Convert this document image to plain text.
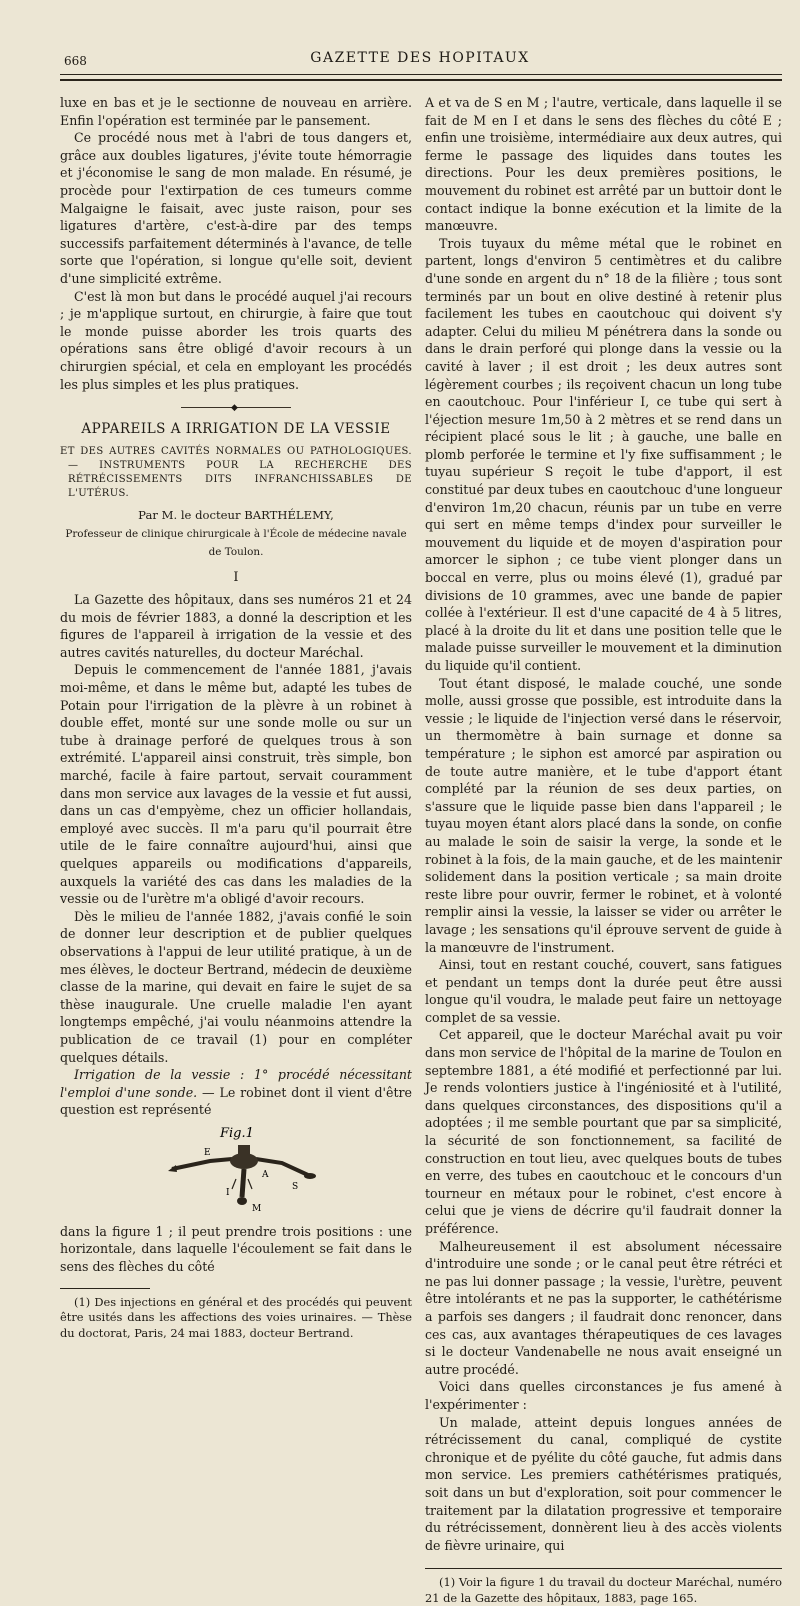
668	GAZETTE DES HOPITAUX

luxe en bas et je le sectionne de nouveau en arrière. Enfin l'opération est terminée par le pansement.

Ce procédé nous met à l'abri de tous dangers et, grâce aux doubles ligatures, j'évite toute hémorragie et j'économise le sang de mon malade. En résumé, je procède pour l'extirpation de ces tumeurs comme Malgaigne le faisait, avec juste raison, pour ses ligatures d'artère, c'est-à-dire par des temps successifs parfaitement déterminés à l'avance, de telle sorte que l'opération, si longue qu'elle soit, devient d'une simplicité extrême.

C'est là mon but dans le procédé auquel j'ai recours ; je m'applique surtout, en chirurgie, à faire que tout le monde puisse aborder les trois quarts des opérations sans être obligé d'avoir recours à un chirurgien spécial, et cela en employant les procédés les plus simples et les plus pratiques.

◆
APPAREILS A IRRIGATION DE LA VESSIE
ET DES AUTRES CAVITÉS NORMALES OU PATHOLOGIQUES. — INSTRUMENTS POUR LA RECHERCHE DES RÉTRÉCISSEMENTS DITS INFRANCHISSABLES DE L'UTÉRUS.
Par M. le docteur BARTHÉLEMY,
Professeur de clinique chirurgicale à l'École de médecine navale de Toulon.
I

La Gazette des hôpitaux, dans ses numéros 21 et 24 du mois de février 1883, a donné la description et les figures de l'appareil à irrigation de la vessie et des autres cavités naturelles, du docteur Maréchal.

Depuis le commencement de l'année 1881, j'avais moi-même, et dans le même but, adapté les tubes de Potain pour l'irrigation de la plèvre à un robinet à double effet, monté sur une sonde molle ou sur un tube à drainage perforé de quelques trous à son extrémité. L'appareil ainsi construit, très simple, bon marché, facile à faire partout, servait couramment dans mon service aux lavages de la vessie et fut aussi, dans un cas d'empyème, chez un officier hollandais, employé avec succès. Il m'a paru qu'il pourrait être utile de le faire connaître aujourd'hui, ainsi que quelques appareils ou modifications d'appareils, auxquels la variété des cas dans les maladies de la vessie ou de l'urètre m'a obligé d'avoir recours.

Dès le milieu de l'année 1882, j'avais confié le soin de donner leur description et de publier quelques observations à l'appui de leur utilité pratique, à un de mes élèves, le docteur Bertrand, médecin de deuxième classe de la marine, qui devait en faire le sujet de sa thèse inaugurale. Une cruelle maladie l'en ayant longtemps empêché, j'ai voulu néanmoins attendre la publication de ce travail (1) pour en compléter quelques détails.

Irrigation de la vessie : 1° procédé nécessitant l'emploi d'une sonde. — Le robinet dont il vient d'être question est représenté

Fig.1
E
A
I
S
M

dans la figure 1 ; il peut prendre trois positions : une horizontale, dans laquelle l'écoulement se fait dans le sens des flèches du côté

(1) Des injections en général et des procédés qui peuvent être usités dans les affections des voies urinaires. — Thèse du doctorat, Paris, 24 mai 1883, docteur Bertrand.

A et va de S en M ; l'autre, verticale, dans laquelle il se fait de M en I et dans le sens des flèches du côté E ; enfin une troisième, intermédiaire aux deux autres, qui ferme le passage des liquides dans toutes les directions. Pour les deux premières positions, le mouvement du robinet est arrêté par un buttoir dont le contact indique la bonne exécution et la limite de la manœuvre.

Trois tuyaux du même métal que le robinet en partent, longs d'environ 5 centimètres et du calibre d'une sonde en argent du n° 18 de la filière ; tous sont terminés par un bout en olive destiné à retenir plus facilement les tubes en caoutchouc qui doivent s'y adapter. Celui du milieu M pénétrera dans la sonde ou dans le drain perforé qui plonge dans la vessie ou la cavité à laver ; il est droit ; les deux autres sont légèrement courbes ; ils reçoivent chacun un long tube en caoutchouc. Pour l'inférieur I, ce tube qui sert à l'éjection mesure 1m,50 à 2 mètres et se rend dans un récipient placé sous le lit ; à gauche, une balle en plomb perforée le termine et l'y fixe suffisamment ; le tuyau supérieur S reçoit le tube d'apport, il est constitué par deux tubes en caoutchouc d'une longueur d'environ 1m,20 chacun, réunis par un tube en verre qui sert en même temps d'index pour surveiller le mouvement du liquide et de moyen d'aspiration pour amorcer le siphon ; ce tube vient plonger dans un boccal en verre, plus ou moins élevé (1), gradué par divisions de 10 grammes, avec une bande de papier collée à l'extérieur. Il est d'une capacité de 4 à 5 litres, placé à la droite du lit et dans une position telle que le malade puisse surveiller le mouvement et la diminution du liquide qu'il contient.

Tout étant disposé, le malade couché, une sonde molle, aussi grosse que possible, est introduite dans la vessie ; le liquide de l'injection versé dans le réservoir, un thermomètre à bain surnage et donne sa température ; le siphon est amorcé par aspiration ou de toute autre manière, et le tube d'apport étant complété par la réunion de ses deux parties, on s'assure que le liquide passe bien dans l'appareil ; le tuyau moyen étant alors placé dans la sonde, on confie au malade le soin de saisir la verge, la sonde et le robinet à la fois, de la main gauche, et de les maintenir solidement dans la position verticale ; sa main droite reste libre pour ouvrir, fermer le robinet, et à volonté remplir ainsi la vessie, la laisser se vider ou arrêter le lavage ; les sensations qu'il éprouve servent de guide à la manœuvre de l'instrument.

Ainsi, tout en restant couché, couvert, sans fatigues et pendant un temps dont la durée peut être aussi longue qu'il voudra, le malade peut faire un nettoyage complet de sa vessie.

Cet appareil, que le docteur Maréchal avait pu voir dans mon service de l'hôpital de la marine de Toulon en septembre 1881, a été modifié et perfectionné par lui. Je rends volontiers justice à l'ingéniosité et à l'utilité, dans quelques circonstances, des dispositions qu'il a adoptées ; il me semble pourtant que par sa simplicité, la sécurité de son fonctionnement, sa facilité de construction en tout lieu, avec quelques bouts de tubes en verre, des tubes en caoutchouc et le concours d'un tourneur en métaux pour le robinet, c'est encore à celui que je viens de décrire qu'il faudrait donner la préférence.

Malheureusement il est absolument nécessaire d'introduire une sonde ; or le canal peut être rétréci et ne pas lui donner passage ; la vessie, l'urètre, peuvent être intolérants et ne pas la supporter, le cathétérisme a parfois ses dangers ; il faudrait donc renoncer, dans ces cas, aux avantages thérapeutiques de ces lavages si le docteur Vandenabelle ne nous avait enseigné un autre procédé.

Voici dans quelles circonstances je fus amené à l'expérimenter :

Un malade, atteint depuis longues années de rétrécissement du canal, compliqué de cystite chronique et de pyélite du côté gauche, fut admis dans mon service. Les premiers cathétérismes pratiqués, soit dans un but d'exploration, soit pour commencer le traitement par la dilatation progressive et temporaire du rétrécissement, donnèrent lieu à des accès violents de fièvre urinaire, qui

(1) Voir la figure 1 du travail du docteur Maréchal, numéro 21 de la Gazette des hôpitaux, 1883, page 165.
